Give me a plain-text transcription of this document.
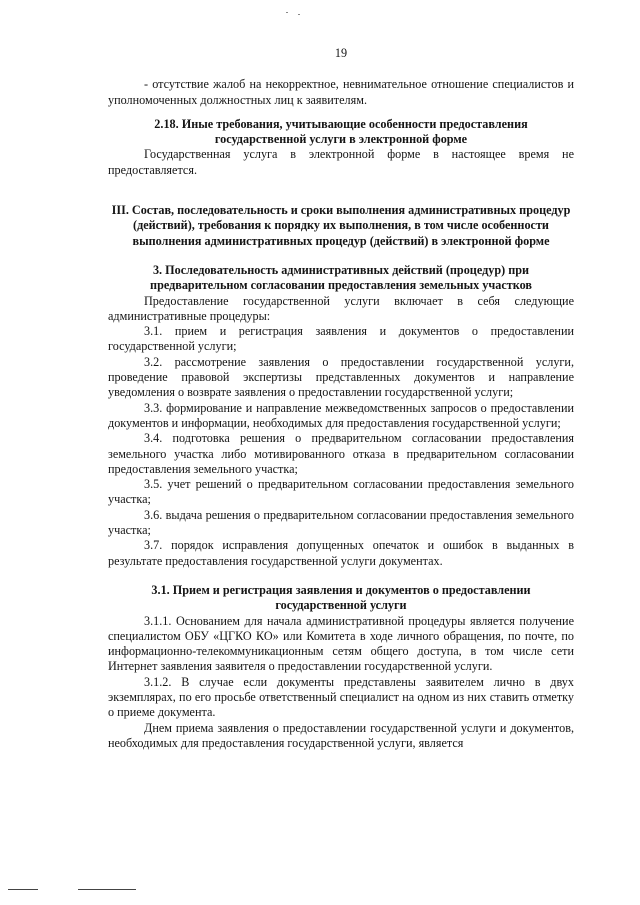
19

- отсутствие жалоб на некорректное, невнимательное отношение специалистов и уполномоченных должностных лиц к заявителям.

2.18. Иные требования, учитывающие особенности предоставления государственной услуги в электронной форме

Государственная услуга в электронной форме в настоящее время не предоставляется.

III. Состав, последовательность и сроки выполнения административных процедур (действий), требования к порядку их выполнения, в том числе особенности выполнения административных процедур (действий) в электронной форме

3. Последовательность административных действий (процедур) при предварительном согласовании предоставления земельных участков

Предоставление государственной услуги включает в себя следующие административные процедуры:

3.1. прием и регистрация заявления и документов о предоставлении государственной услуги;

3.2. рассмотрение заявления о предоставлении государственной услуги, проведение правовой экспертизы представленных документов и направление уведомления о возврате заявления о предоставлении государственной услуги;

3.3. формирование и направление межведомственных запросов о предоставлении документов и информации, необходимых для предоставления государственной услуги;

3.4. подготовка решения о предварительном согласовании предоставления земельного участка либо мотивированного отказа в предварительном согласовании предоставления земельного участка;

3.5. учет решений о предварительном согласовании предоставления земельного участка;

3.6. выдача решения о предварительном согласовании предоставления земельного участка;

3.7. порядок исправления допущенных опечаток и ошибок в выданных в результате предоставления государственной услуги документах.

3.1. Прием и регистрация заявления и документов о предоставлении государственной услуги

3.1.1. Основанием для начала административной процедуры является получение специалистом ОБУ «ЦГКО КО» или Комитета в ходе личного обращения, по почте, по информационно-телекоммуникационным сетям общего доступа, в том числе сети Интернет заявления заявителя о предоставлении государственной услуги.

3.1.2. В случае если документы представлены заявителем лично в двух экземплярах, по его просьбе ответственный специалист на одном из них ставить отметку о приеме документа.

Днем приема заявления о предоставлении государственной услуги и документов, необходимых для предоставления государственной услуги, является
